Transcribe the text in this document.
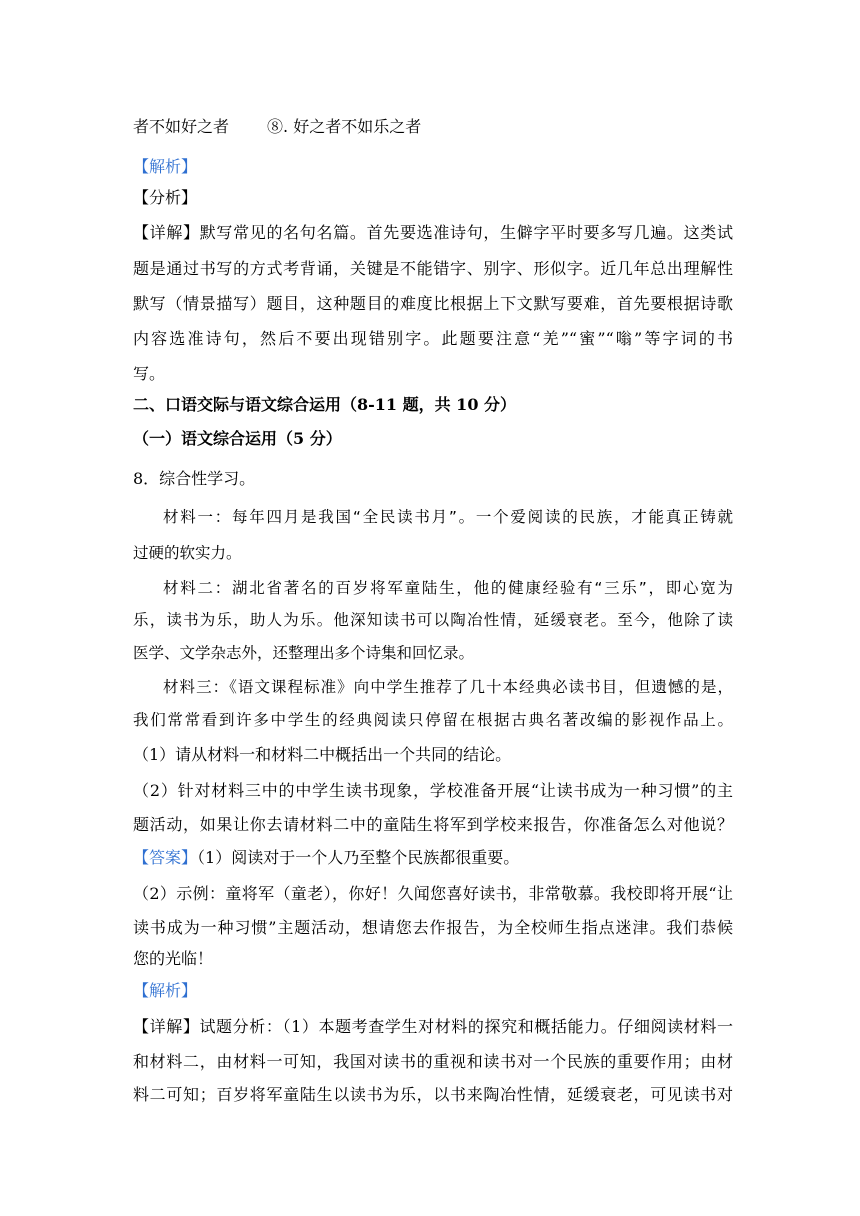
者不如好之者 ⑧. 好之者不如乐之者
【解析】
【分析】
【详解】默写常见的名句名篇。首先要选准诗句，生僻字平时要多写几遍。这类试
题是通过书写的方式考背诵，关键是不能错字、别字、形似字。近几年总出理解性
默写（情景描写）题目，这种题目的难度比根据上下文默写要难，首先要根据诗歌
内容选准诗句，然后不要出现错别字。此题要注意“羌”“蜜”“嗡”等字词的书
写。
二、口语交际与语文综合运用（8-11 题，共 10 分）
（一）语文综合运用（5 分）
8．综合性学习。
材料一：每年四月是我国“全民读书月”。一个爱阅读的民族，才能真正铸就
过硬的软实力。
材料二：湖北省著名的百岁将军童陆生，他的健康经验有“三乐”，即心宽为
乐，读书为乐，助人为乐。他深知读书可以陶冶性情，延缓衰老。至今，他除了读
医学、文学杂志外，还整理出多个诗集和回忆录。
材料三：《语文课程标准》向中学生推荐了几十本经典必读书目，但遗憾的是，
我们常常看到许多中学生的经典阅读只停留在根据古典名著改编的影视作品上。
（1）请从材料一和材料二中概括出一个共同的结论。
（2）针对材料三中的中学生读书现象，学校准备开展“让读书成为一种习惯”的主
题活动，如果让你去请材料二中的童陆生将军到学校来报告，你准备怎么对他说？
【答案】（1）阅读对于一个人乃至整个民族都很重要。
（2）示例：童将军（童老），你好！久闻您喜好读书，非常敬慕。我校即将开展“让
读书成为一种习惯”主题活动，想请您去作报告，为全校师生指点迷津。我们恭候
您的光临！
【解析】
【详解】试题分析：（1）本题考查学生对材料的探究和概括能力。仔细阅读材料一
和材料二，由材料一可知，我国对读书的重视和读书对一个民族的重要作用；由材
料二可知；百岁将军童陆生以读书为乐，以书来陶冶性情，延缓衰老，可见读书对
